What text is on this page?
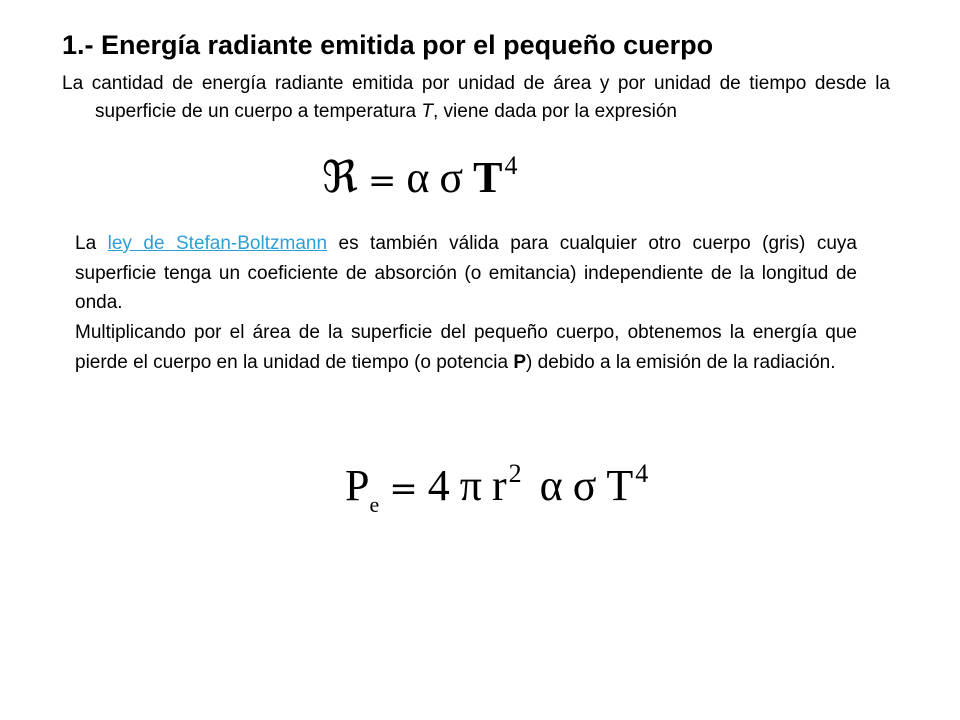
1.- Energía radiante emitida por el pequeño cuerpo
La cantidad de energía radiante emitida por unidad de área y por unidad de tiempo desde la superficie de un cuerpo a temperatura T, viene dada por la expresión
ℜ = α σ $T^4$
La ley de Stefan-Boltzmann es también válida para cualquier otro cuerpo (gris) cuya superficie tenga un coeficiente de absorción (o emitancia) independiente de la longitud de onda.
Multiplicando por el área de la superficie del pequeño cuerpo, obtenemos la energía que pierde el cuerpo en la unidad de tiempo (o potencia P) debido a la emisión de la radiación.
$P_e = 4$ π $r^2$ α σ $T^4$
